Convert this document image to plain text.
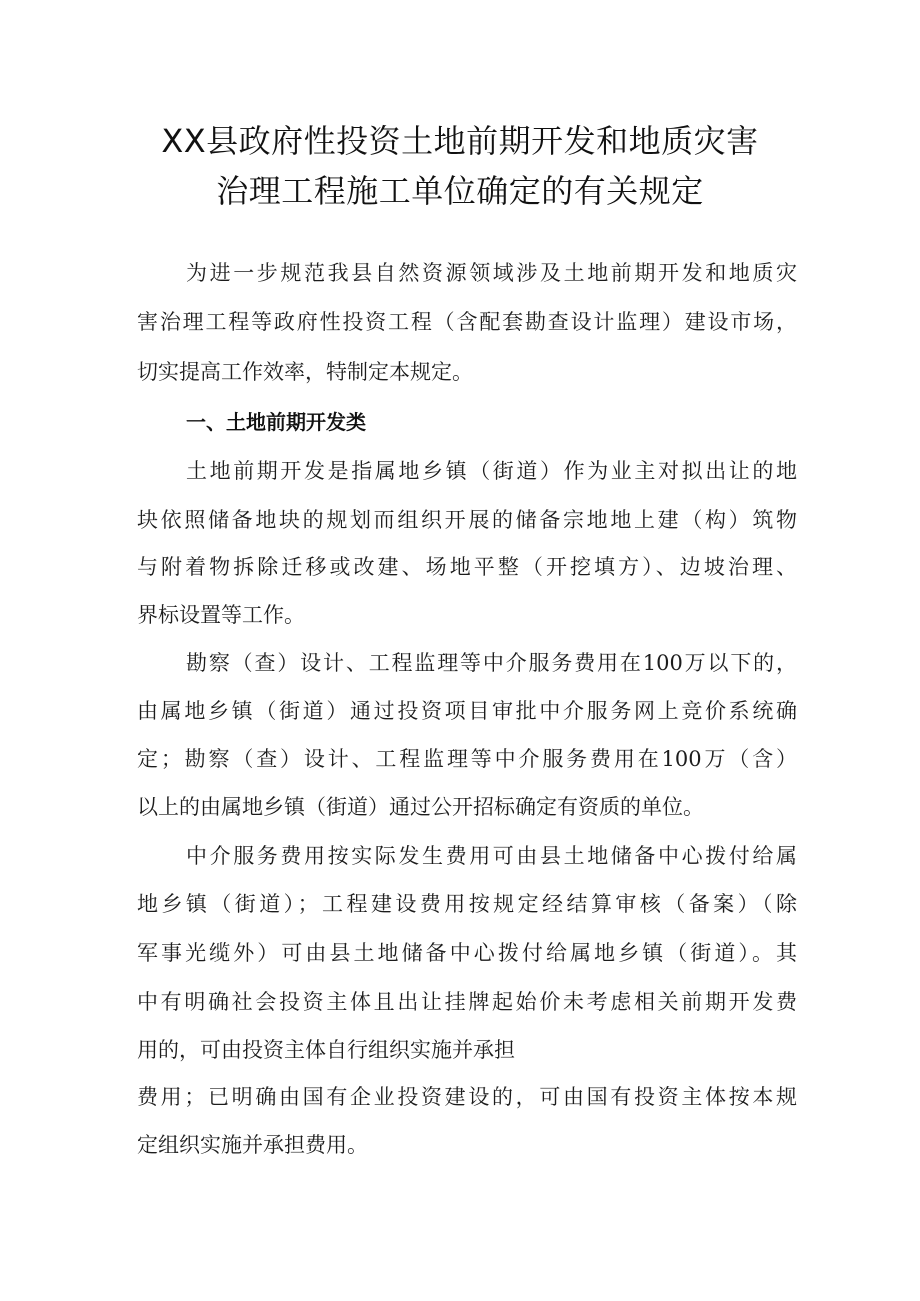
XX县政府性投资土地前期开发和地质灾害
治理工程施工单位确定的有关规定
为进一步规范我县自然资源领域涉及土地前期开发和地质灾
害治理工程等政府性投资工程（含配套勘查设计监理）建设市场，
切实提高工作效率，特制定本规定。
一、土地前期开发类
土地前期开发是指属地乡镇（街道）作为业主对拟出让的地
块依照储备地块的规划而组织开展的储备宗地地上建（构）筑物
与附着物拆除迁移或改建、场地平整（开挖填方）、边坡治理、
界标设置等工作。
勘察（查）设计、工程监理等中介服务费用在100万以下的，
由属地乡镇（街道）通过投资项目审批中介服务网上竞价系统确
定；勘察（查）设计、工程监理等中介服务费用在100万（含）
以上的由属地乡镇（街道）通过公开招标确定有资质的单位。
中介服务费用按实际发生费用可由县土地储备中心拨付给属
地乡镇（街道）；工程建设费用按规定经结算审核（备案）（除
军事光缆外）可由县土地储备中心拨付给属地乡镇（街道）。其
中有明确社会投资主体且出让挂牌起始价未考虑相关前期开发费
用的，可由投资主体自行组织实施并承担
费用；已明确由国有企业投资建设的，可由国有投资主体按本规
定组织实施并承担费用。
